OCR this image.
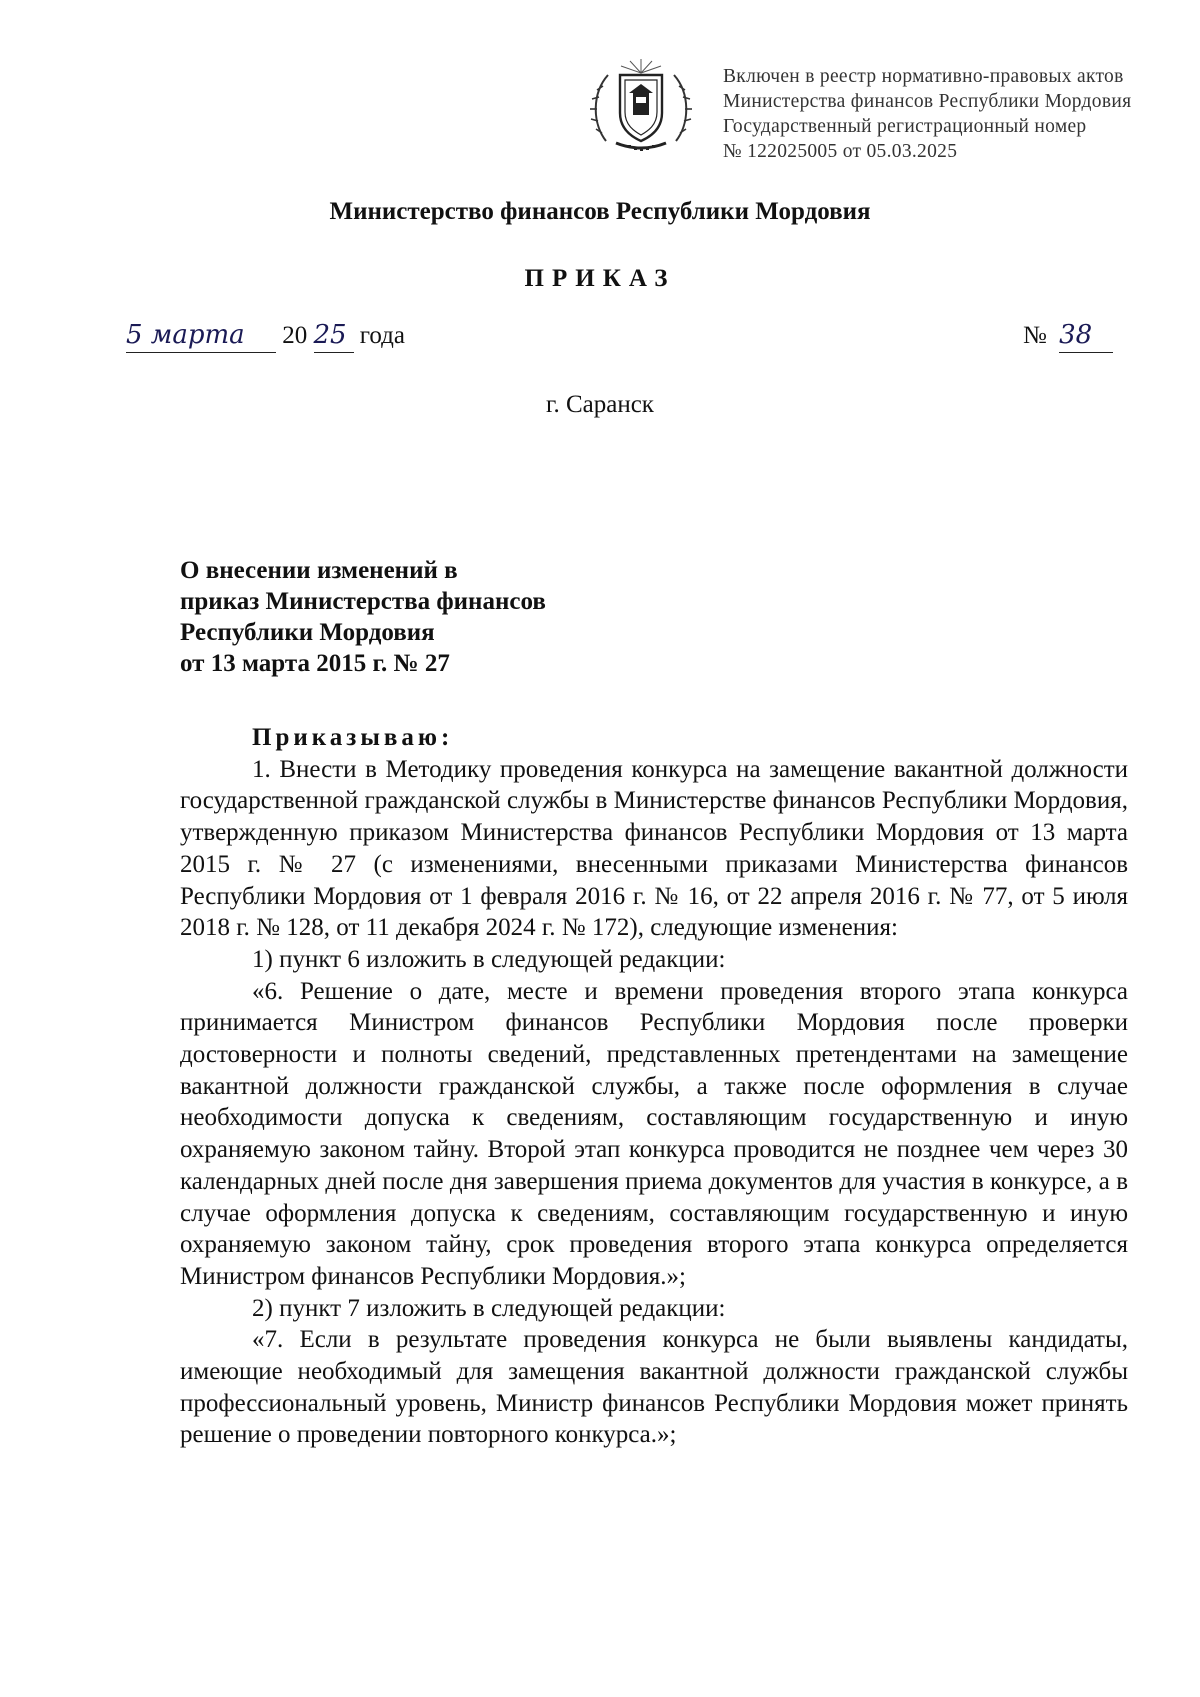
Включен в реестр нормативно-правовых актов
Министерства финансов Республики Мордовия
Государственный регистрационный номер
№ 122025005 от 05.03.2025
Министерство финансов Республики Мордовия
ПРИКАЗ
5 марта 20 25 года	№ 38
г. Саранск
О внесении изменений в
приказ Министерства финансов
Республики Мордовия
от 13 марта 2015 г. № 27

Приказываю:

1. Внести в Методику проведения конкурса на замещение вакантной должности государственной гражданской службы в Министерстве финансов Республики Мордовия, утвержденную приказом Министерства финансов Республики Мордовия от 13 марта 2015 г. № 27 (с изменениями, внесенными приказами Министерства финансов Республики Мордовия от 1 февраля 2016 г. № 16, от 22 апреля 2016 г. № 77, от 5 июля 2018 г. № 128, от 11 декабря 2024 г. № 172), следующие изменения:

1) пункт 6 изложить в следующей редакции:

«6. Решение о дате, месте и времени проведения второго этапа конкурса принимается Министром финансов Республики Мордовия после проверки достоверности и полноты сведений, представленных претендентами на замещение вакантной должности гражданской службы, а также после оформления в случае необходимости допуска к сведениям, составляющим государственную и иную охраняемую законом тайну. Второй этап конкурса проводится не позднее чем через 30 календарных дней после дня завершения приема документов для участия в конкурсе, а в случае оформления допуска к сведениям, составляющим государственную и иную охраняемую законом тайну, срок проведения второго этапа конкурса определяется Министром финансов Республики Мордовия.»;

2) пункт 7 изложить в следующей редакции:

«7. Если в результате проведения конкурса не были выявлены кандидаты, имеющие необходимый для замещения вакантной должности гражданской службы профессиональный уровень, Министр финансов Республики Мордовия может принять решение о проведении повторного конкурса.»;
